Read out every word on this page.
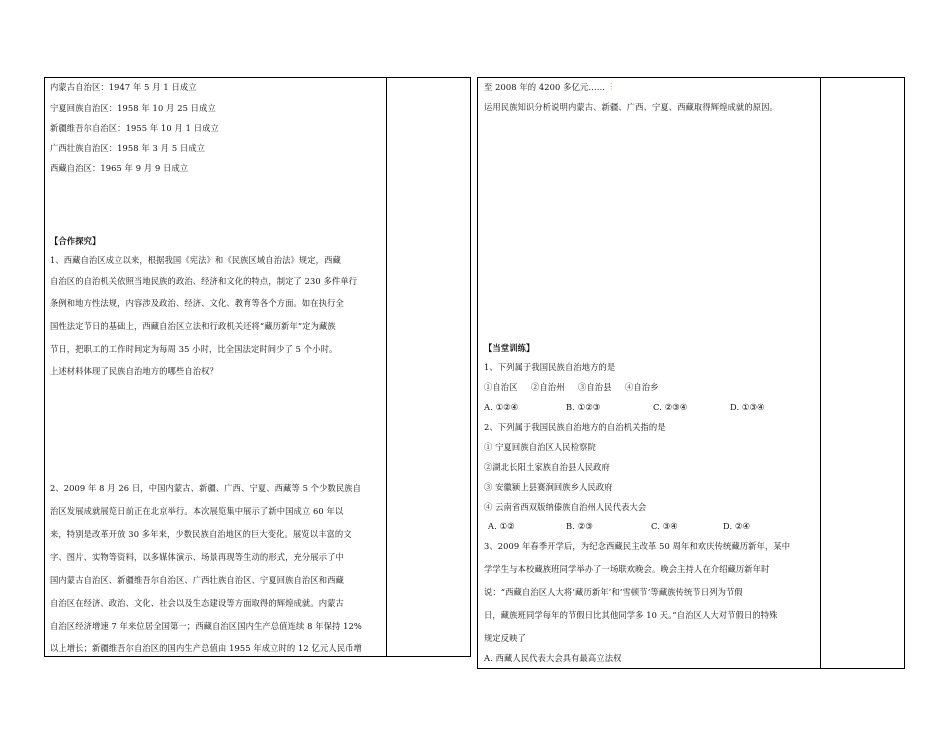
内蒙古自治区：1947 年 5 月 1 日成立
宁夏回族自治区：1958 年 10 月 25 日成立
新疆维吾尔自治区：1955 年 10 月 1 日成立
广西壮族自治区：1958 年 3 月 5 日成立
西藏自治区：1965 年 9 月 9 日成立
【合作探究】
1、西藏自治区成立以来，根据我国《宪法》和《民族区域自治法》规定，西藏
自治区的自治机关依照当地民族的政治、经济和文化的特点，制定了 230 多件单行
条例和地方性法规，内容涉及政治、经济、文化、教育等各个方面。如在执行全
国性法定节日的基础上，西藏自治区立法和行政机关还将“藏历新年”定为藏族
节日，把职工的工作时间定为每周 35 小时，比全国法定时间少了 5 个小时。
上述材料体现了民族自治地方的哪些自治权？
2、2009 年 8 月 26 日，中国内蒙古、新疆、广西、宁夏、西藏等 5 个少数民族自
治区发展成就展览日前正在北京举行。本次展览集中展示了新中国成立 60 年以
来，特别是改革开放 30 多年来，少数民族自治地区的巨大变化。展览以丰富的文
字、图片、实物等资料，以多媒体演示、场景再现等生动的形式，充分展示了中
国内蒙古自治区、新疆维吾尔自治区、广西壮族自治区、宁夏回族自治区和西藏
自治区在经济、政治、文化、社会以及生态建设等方面取得的辉煌成就。内蒙古
自治区经济增速 7 年来位居全国第一；西藏自治区国内生产总值连续 8 年保持 12%
以上增长；新疆维吾尔自治区的国内生产总值由 1955 年成立时的 12 亿元人民币增
至 2008 年的 4200 多亿元…… ⋮
运用民族知识分析说明内蒙古、新疆、广西、宁夏、西藏取得辉煌成就的原因。
【当堂训练】
1、下列属于我国民族自治地方的是
①自治区 ②自治州 ③自治县 ④自治乡
A. ①②④	B. ①②③	C. ②③④	D. ①③④
2、下列属于我国民族自治地方的自治机关指的是
① 宁夏回族自治区人民检察院
②湖北长阳土家族自治县人民政府
③ 安徽颍上县赛涧回族乡人民政府
④ 云南省西双版纳傣族自治州人民代表大会
A. ①②	B. ②③	C. ③④	D. ②④
3、2009 年春季开学后，为纪念西藏民主改革 50 周年和欢庆传统藏历新年，某中
学学生与本校藏族班同学举办了一场联欢晚会。晚会主持人在介绍藏历新年时
说：“西藏自治区人大将‘藏历新年’和‘雪顿节’等藏族传统节日列为节假
日，藏族班同学每年的节假日比其他同学多 10 天。”自治区人大对节假日的特殊
规定反映了
A. 西藏人民代表大会具有最高立法权
